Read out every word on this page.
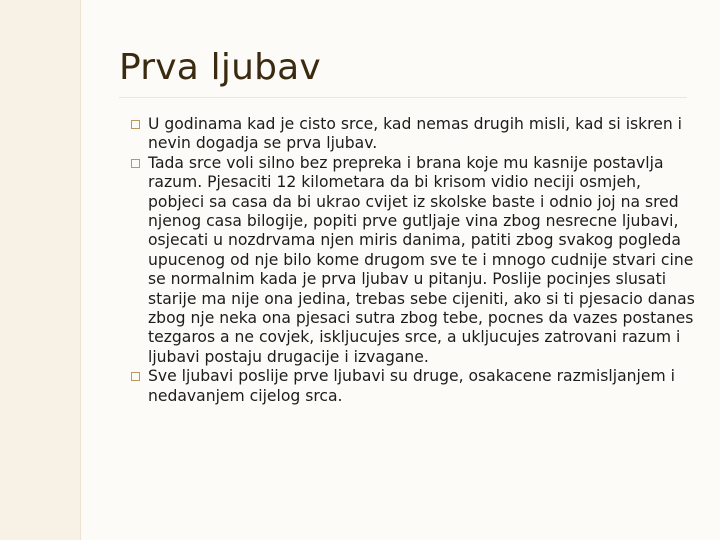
Prva ljubav
U godinama kad je cisto srce, kad nemas drugih misli, kad si iskren i nevin dogadja se prva ljubav.
Tada srce voli silno bez prepreka i brana koje mu kasnije postavlja razum. Pjesaciti 12 kilometara da bi krisom vidio neciji osmjeh, pobjeci sa casa da bi ukrao cvijet iz skolske baste i odnio joj na sred njenog casa bilogije, popiti prve gutljaje vina zbog nesrecne ljubavi, osjecati u nozdrvama njen miris danima, patiti zbog svakog pogleda upucenog od nje bilo kome drugom sve te i mnogo cudnije stvari cine se normalnim kada je prva ljubav u pitanju. Poslije pocinjes slusati starije ma nije ona jedina, trebas sebe cijeniti, ako si ti pjesacio danas zbog nje neka ona pjesaci sutra zbog tebe, pocnes da vazes postanes tezgaros a ne covjek, iskljucujes srce, a ukljucujes zatrovani razum i ljubavi postaju drugacije i izvagane.
Sve ljubavi poslije prve ljubavi su druge, osakacene razmisljanjem i nedavanjem cijelog srca.
